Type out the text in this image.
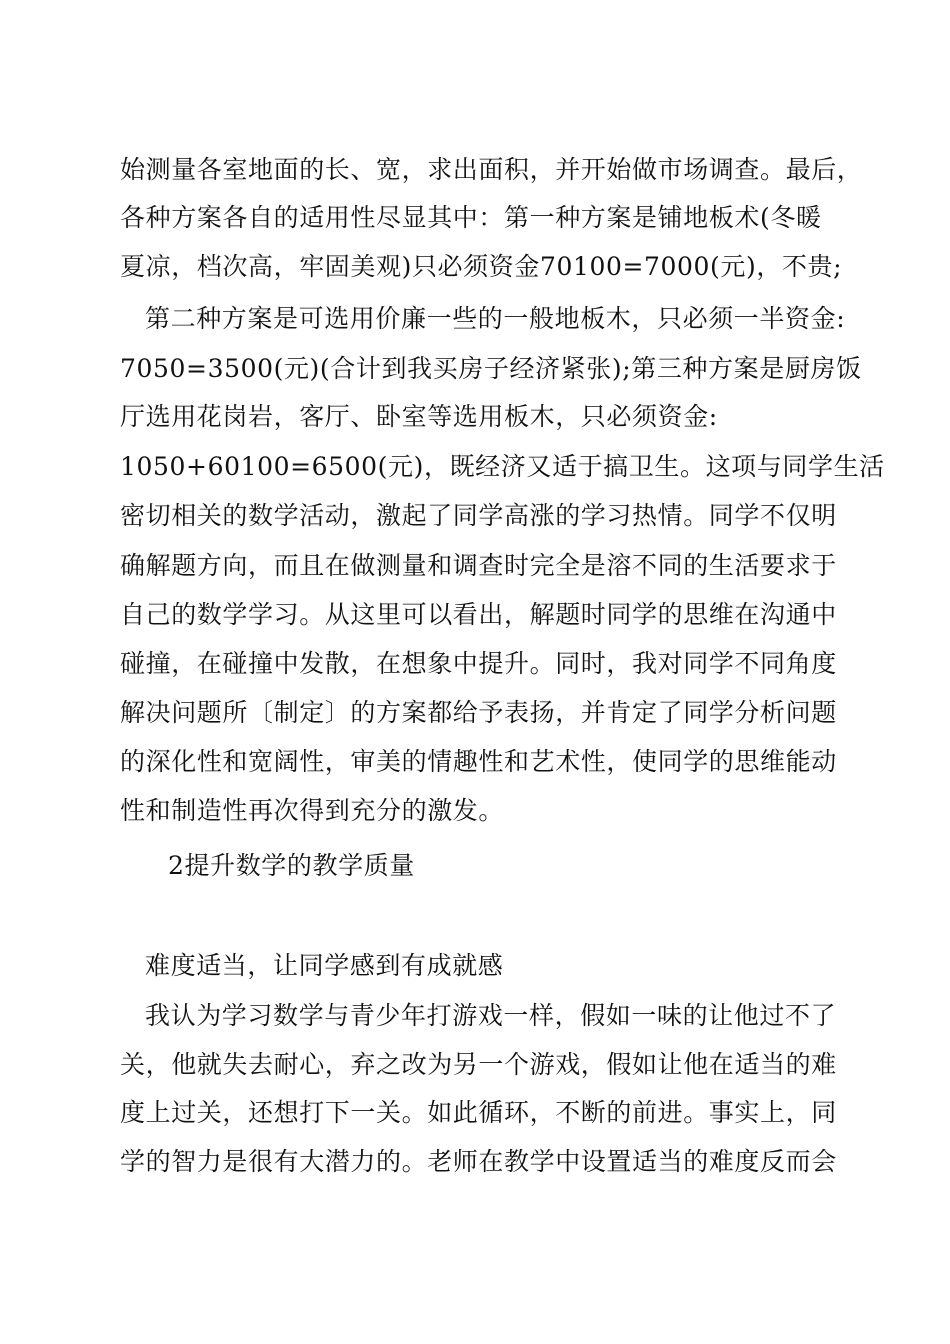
始测量各室地面的长、宽，求出面积，并开始做市场调查。最后，
各种方案各自的适用性尽显其中：第一种方案是铺地板术(冬暖
夏凉，档次高，牢固美观)只必须资金70100=7000(元)，不贵;
第二种方案是可选用价廉一些的一般地板木，只必须一半资金:
7050=3500(元)(合计到我买房子经济紧张);第三种方案是厨房饭
厅选用花岗岩，客厅、卧室等选用板木，只必须资金:
1050+60100=6500(元)，既经济又适于搞卫生。这项与同学生活
密切相关的数学活动，激起了同学高涨的学习热情。同学不仅明
确解题方向，而且在做测量和调查时完全是溶不同的生活要求于
自己的数学学习。从这里可以看出，解题时同学的思维在沟通中
碰撞，在碰撞中发散，在想象中提升。同时，我对同学不同角度
解决问题所〔制定〕的方案都给予表扬，并肯定了同学分析问题
的深化性和宽阔性，审美的情趣性和艺术性，使同学的思维能动
性和制造性再次得到充分的激发。
2提升数学的教学质量
难度适当，让同学感到有成就感
我认为学习数学与青少年打游戏一样，假如一味的让他过不了
关，他就失去耐心，弃之改为另一个游戏，假如让他在适当的难
度上过关，还想打下一关。如此循环，不断的前进。事实上，同
学的智力是很有大潜力的。老师在教学中设置适当的难度反而会
